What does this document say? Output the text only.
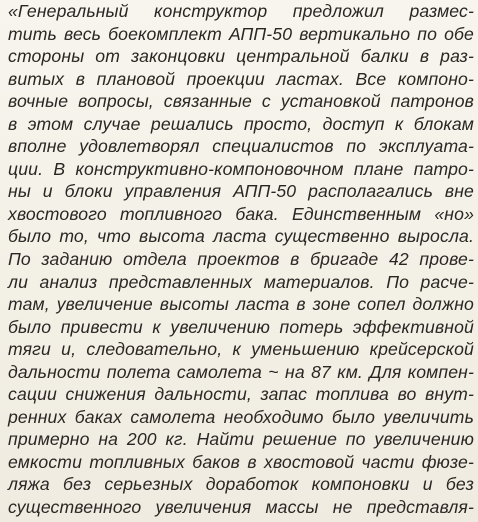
«Генеральный конструктор предложил размес-
тить весь боекомплект АПП-50 вертикально по обе
стороны от законцовки центральной балки в раз-
витых в плановой проекции ластах. Все компоно-
вочные вопросы, связанные с установкой патронов
в этом случае решались просто, доступ к блокам
вполне удовлетворял специалистов по эксплуата-
ции. В конструктивно-компоновочном плане патро-
ны и блоки управления АПП-50 располагались вне
хвостового топливного бака. Единственным «но»
было то, что высота ласта существенно выросла.
По заданию отдела проектов в бригаде 42 прове-
ли анализ представленных материалов. По расче-
там, увеличение высоты ласта в зоне сопел должно
было привести к увеличению потерь эффективной
тяги и, следовательно, к уменьшению крейсерской
дальности полета самолета ~ на 87 км. Для компен-
сации снижения дальности, запас топлива во внут-
ренних баках самолета необходимо было увеличить
примерно на 200 кг. Найти решение по увеличению
емкости топливных баков в хвостовой части фюзе-
ляжа без серьезных доработок компоновки и без
существенного увеличения массы не представля-
